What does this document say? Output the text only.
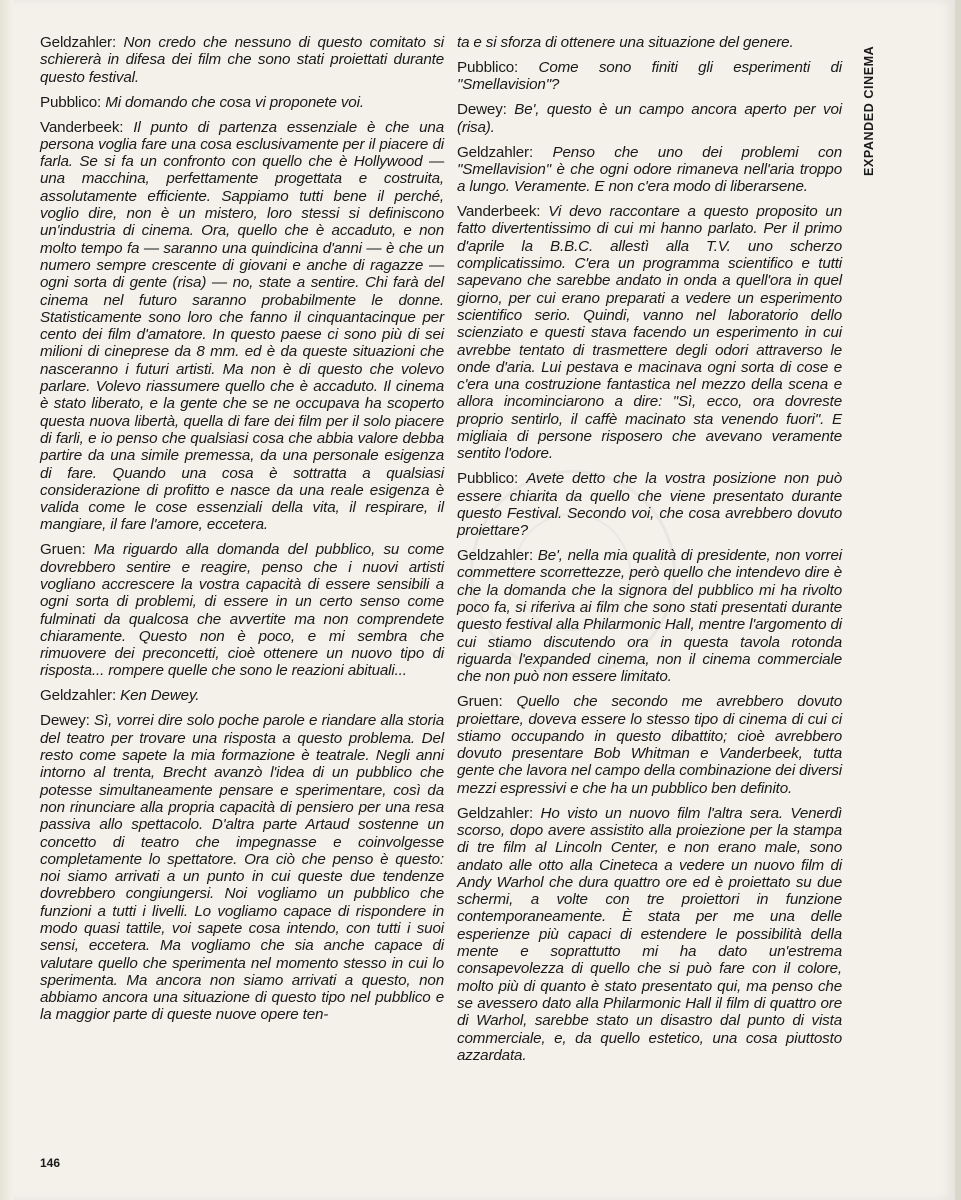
Geldzahler: Non credo che nessuno di questo comitato si schiererà in difesa dei film che sono stati proiettati durante questo festival.

Pubblico: Mi domando che cosa vi proponete voi.

Vanderbeek: Il punto di partenza essenziale è che una persona voglia fare una cosa esclusivamente per il piacere di farla. Se si fa un confronto con quello che è Hollywood — una macchina, perfettamente progettata e costruita, assolutamente efficiente. Sappiamo tutti bene il perché, voglio dire, non è un mistero, loro stessi si definiscono un'industria di cinema. Ora, quello che è accaduto, e non molto tempo fa — saranno una quindicina d'anni — è che un numero sempre crescente di giovani e anche di ragazze — ogni sorta di gente (risa) — no, state a sentire. Chi farà del cinema nel futuro saranno probabilmente le donne. Statisticamente sono loro che fanno il cinquantacinque per cento dei film d'amatore. In questo paese ci sono più di sei milioni di cineprese da 8 mm. ed è da queste situazioni che nasceranno i futuri artisti. Ma non è di questo che volevo parlare. Volevo riassumere quello che è accaduto. Il cinema è stato liberato, e la gente che se ne occupava ha scoperto questa nuova libertà, quella di fare dei film per il solo piacere di farli, e io penso che qualsiasi cosa che abbia valore debba partire da una simile premessa, da una personale esigenza di fare. Quando una cosa è sottratta a qualsiasi considerazione di profitto e nasce da una reale esigenza è valida come le cose essenziali della vita, il respirare, il mangiare, il fare l'amore, eccetera.

Gruen: Ma riguardo alla domanda del pubblico, su come dovrebbero sentire e reagire, penso che i nuovi artisti vogliano accrescere la vostra capacità di essere sensibili a ogni sorta di problemi, di essere in un certo senso come fulminati da qualcosa che avvertite ma non comprendete chiaramente. Questo non è poco, e mi sembra che rimuovere dei preconcetti, cioè ottenere un nuovo tipo di risposta... rompere quelle che sono le reazioni abituali...

Geldzahler: Ken Dewey.

Dewey: Sì, vorrei dire solo poche parole e riandare alla storia del teatro per trovare una risposta a questo problema. Del resto come sapete la mia formazione è teatrale. Negli anni intorno al trenta, Brecht avanzò l'idea di un pubblico che potesse simultaneamente pensare e sperimentare, così da non rinunciare alla propria capacità di pensiero per una resa passiva allo spettacolo. D'altra parte Artaud sostenne un concetto di teatro che impegnasse e coinvolgesse completamente lo spettatore. Ora ciò che penso è questo: noi siamo arrivati a un punto in cui queste due tendenze dovrebbero congiungersi. Noi vogliamo un pubblico che funzioni a tutti i livelli. Lo vogliamo capace di rispondere in modo quasi tattile, voi sapete cosa intendo, con tutti i suoi sensi, eccetera. Ma vogliamo che sia anche capace di valutare quello che sperimenta nel momento stesso in cui lo sperimenta. Ma ancora non siamo arrivati a questo, non abbiamo ancora una situazione di questo tipo nel pubblico e la maggior parte di queste nuove opere ten-

ta e si sforza di ottenere una situazione del genere.

Pubblico: Come sono finiti gli esperimenti di "Smellavision"?

Dewey: Be', questo è un campo ancora aperto per voi (risa).

Geldzahler: Penso che uno dei problemi con "Smellavision" è che ogni odore rimaneva nell'aria troppo a lungo. Veramente. E non c'era modo di liberarsene.

Vanderbeek: Vi devo raccontare a questo proposito un fatto divertentissimo di cui mi hanno parlato. Per il primo d'aprile la B.B.C. allestì alla T.V. uno scherzo complicatissimo. C'era un programma scientifico e tutti sapevano che sarebbe andato in onda a quell'ora in quel giorno, per cui erano preparati a vedere un esperimento scientifico serio. Quindi, vanno nel laboratorio dello scienziato e questi stava facendo un esperimento in cui avrebbe tentato di trasmettere degli odori attraverso le onde d'aria. Lui pestava e macinava ogni sorta di cose e c'era una costruzione fantastica nel mezzo della scena e allora incominciarono a dire: "Sì, ecco, ora dovreste proprio sentirlo, il caffè macinato sta venendo fuori". E migliaia di persone risposero che avevano veramente sentito l'odore.

Pubblico: Avete detto che la vostra posizione non può essere chiarita da quello che viene presentato durante questo Festival. Secondo voi, che cosa avrebbero dovuto proiettare?

Geldzahler: Be', nella mia qualità di presidente, non vorrei commettere scorrettezze, però quello che intendevo dire è che la domanda che la signora del pubblico mi ha rivolto poco fa, si riferiva ai film che sono stati presentati durante questo festival alla Philarmonic Hall, mentre l'argomento di cui stiamo discutendo ora in questa tavola rotonda riguarda l'expanded cinema, non il cinema commerciale che non può non essere limitato.

Gruen: Quello che secondo me avrebbero dovuto proiettare, doveva essere lo stesso tipo di cinema di cui ci stiamo occupando in questo dibattito; cioè avrebbero dovuto presentare Bob Whitman e Vanderbeek, tutta gente che lavora nel campo della combinazione dei diversi mezzi espressivi e che ha un pubblico ben definito.

Geldzahler: Ho visto un nuovo film l'altra sera. Venerdì scorso, dopo avere assistito alla proiezione per la stampa di tre film al Lincoln Center, e non erano male, sono andato alle otto alla Cineteca a vedere un nuovo film di Andy Warhol che dura quattro ore ed è proiettato su due schermi, a volte con tre proiettori in funzione contemporaneamente. È stata per me una delle esperienze più capaci di estendere le possibilità della mente e soprattutto mi ha dato un'estrema consapevolezza di quello che si può fare con il colore, molto più di quanto è stato presentato qui, ma penso che se avessero dato alla Philarmonic Hall il film di quattro ore di Warhol, sarebbe stato un disastro dal punto di vista commerciale, e, da quello estetico, una cosa piuttosto azzardata.

EXPANDED CINEMA
146
